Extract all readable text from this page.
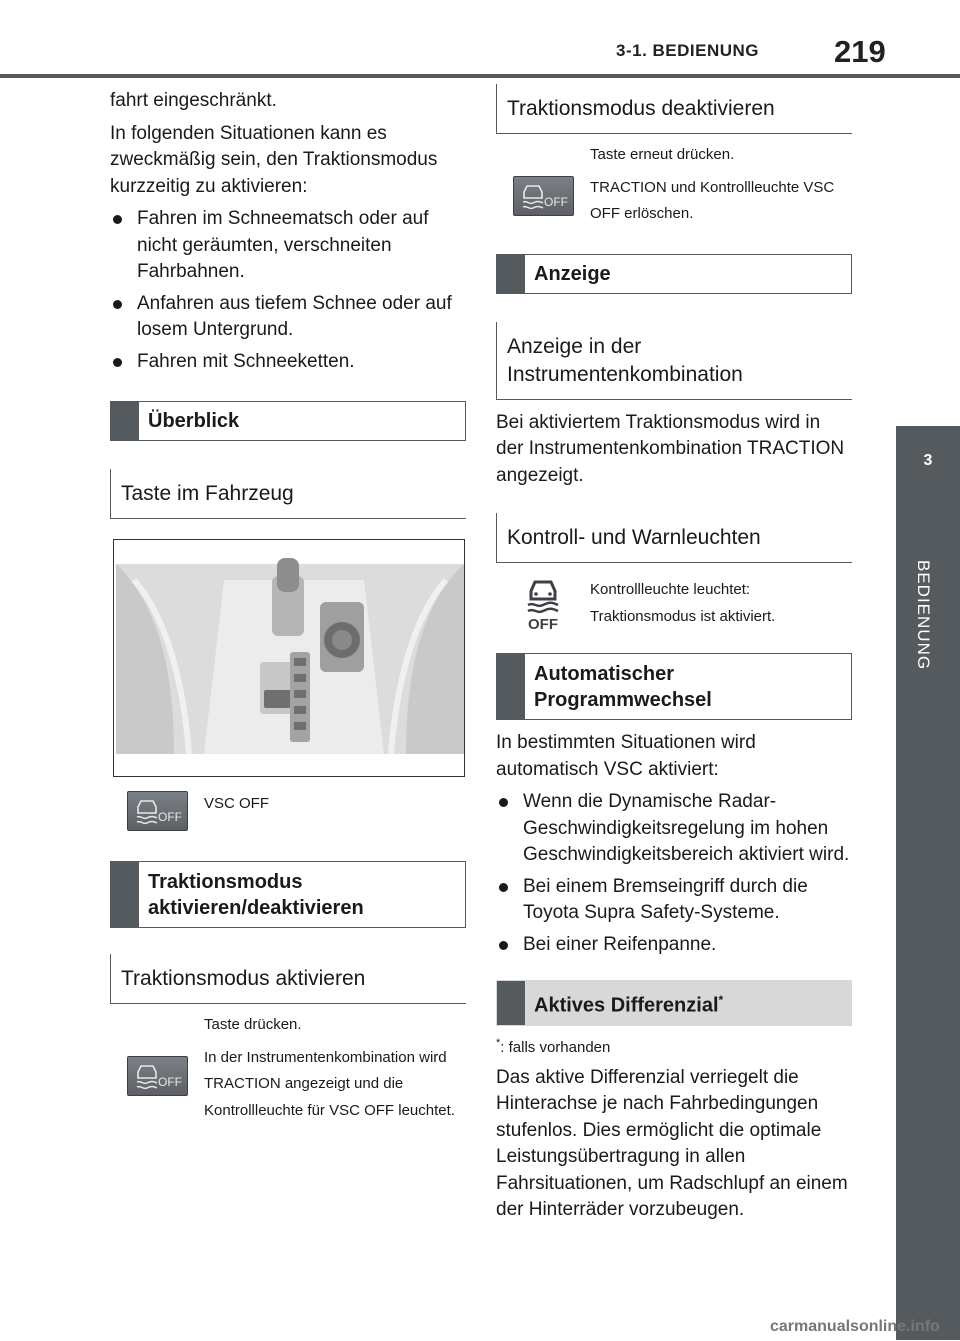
3-1. BEDIENUNG 219
3
BEDIENUNG

fahrt eingeschränkt.

In folgenden Situationen kann es zweckmäßig sein, den Traktionsmodus kurzzeitig zu aktivieren:

Fahren im Schneematsch oder auf nicht geräumten, verschneiten Fahrbahnen.
Anfahren aus tiefem Schnee oder auf losem Untergrund.
Fahren mit Schneeketten.
Überblick
Taste im Fahrzeug
OFF
VSC OFF
Traktionsmodus aktivieren/deaktivieren
Traktionsmodus aktivieren
OFF

Taste drücken.

In der Instrumentenkombination wird TRACTION angezeigt und die Kontrollleuchte für VSC OFF leuchtet.

Traktionsmodus deaktivieren
OFF

Taste erneut drücken.

TRACTION und Kontrollleuchte VSC OFF erlöschen.

Anzeige
Anzeige in der Instrumentenkombination

Bei aktiviertem Traktionsmodus wird in der Instrumentenkombination TRACTION angezeigt.

Kontroll- und Warnleuchten
OFF
Kontrollleuchte leuchtet: Traktionsmodus ist aktiviert.
Automatischer Programmwechsel

In bestimmten Situationen wird automatisch VSC aktiviert:

Wenn die Dynamische Radar-Geschwindigkeitsregelung im hohen Geschwindigkeitsbereich aktiviert wird.
Bei einem Bremseingriff durch die Toyota Supra Safety-Systeme.
Bei einer Reifenpanne.
Aktives Differenzial*

*: falls vorhanden

Das aktive Differenzial verriegelt die Hinterachse je nach Fahrbedingungen stufenlos. Dies ermöglicht die optimale Leistungsübertragung in allen Fahrsituationen, um Radschlupf an einem der Hinterräder vorzubeugen.

carmanualsonline.info
